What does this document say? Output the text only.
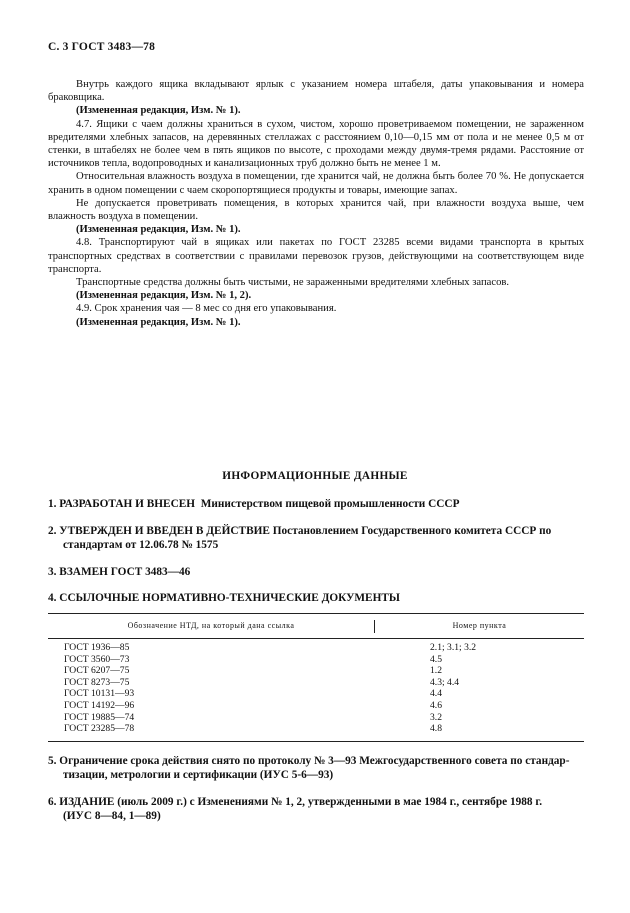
С. 3 ГОСТ 3483—78

Внутрь каждого ящика вкладывают ярлык с указанием номера штабеля, даты упаковывания и номера браковщика.

(Измененная редакция, Изм. № 1).

4.7. Ящики с чаем должны храниться в сухом, чистом, хорошо проветриваемом помещении, не зараженном вредителями хлебных запасов, на деревянных стеллажах с расстоянием 0,10—0,15 мм от пола и не менее 0,5 м от стенки, в штабелях не более чем в пять ящиков по высоте, с проходами между двумя-тремя рядами. Расстояние от источников тепла, водопроводных и канализационных труб должно быть не менее 1 м.

Относительная влажность воздуха в помещении, где хранится чай, не должна быть более 70 %. Не допускается хранить в одном помещении с чаем скоропортящиеся продукты и товары, имеющие запах.

Не допускается проветривать помещения, в которых хранится чай, при влажности воздуха выше, чем влажность воздуха в помещении.

(Измененная редакция, Изм. № 1).

4.8. Транспортируют чай в ящиках или пакетах по ГОСТ 23285 всеми видами транспорта в крытых транспортных средствах в соответствии с правилами перевозок грузов, действующими на соответствующем виде транспорта.

Транспортные средства должны быть чистыми, не зараженными вредителями хлебных запасов.

(Измененная редакция, Изм. № 1, 2).

4.9. Срок хранения чая — 8 мес со дня его упаковывания.

(Измененная редакция, Изм. № 1).

ИНФОРМАЦИОННЫЕ ДАННЫЕ
1. РАЗРАБОТАН И ВНЕСЕН Министерством пищевой промышленности СССР
2. УТВЕРЖДЕН И ВВЕДЕН В ДЕЙСТВИЕ Постановлением Государственного комитета СССР по
стандартам от 12.06.78 № 1575
3. ВЗАМЕН ГОСТ 3483—46
4. ССЫЛОЧНЫЕ НОРМАТИВНО-ТЕХНИЧЕСКИЕ ДОКУМЕНТЫ
Обозначение НТД, на который дана ссылка	Номер пункта
ГОСТ 1936—85	2.1; 3.1; 3.2
ГОСТ 3560—73	4.5
ГОСТ 6207—75	1.2
ГОСТ 8273—75	4.3; 4.4
ГОСТ 10131—93	4.4
ГОСТ 14192—96	4.6
ГОСТ 19885—74	3.2
ГОСТ 23285—78	4.8
5. Ограничение срока действия снято по протоколу № 3—93 Межгосударственного совета по стандар-
тизации, метрологии и сертификации (ИУС 5-6—93)
6. ИЗДАНИЕ (июль 2009 г.) с Изменениями № 1, 2, утвержденными в мае 1984 г., сентябре 1988 г.
(ИУС 8—84, 1—89)
